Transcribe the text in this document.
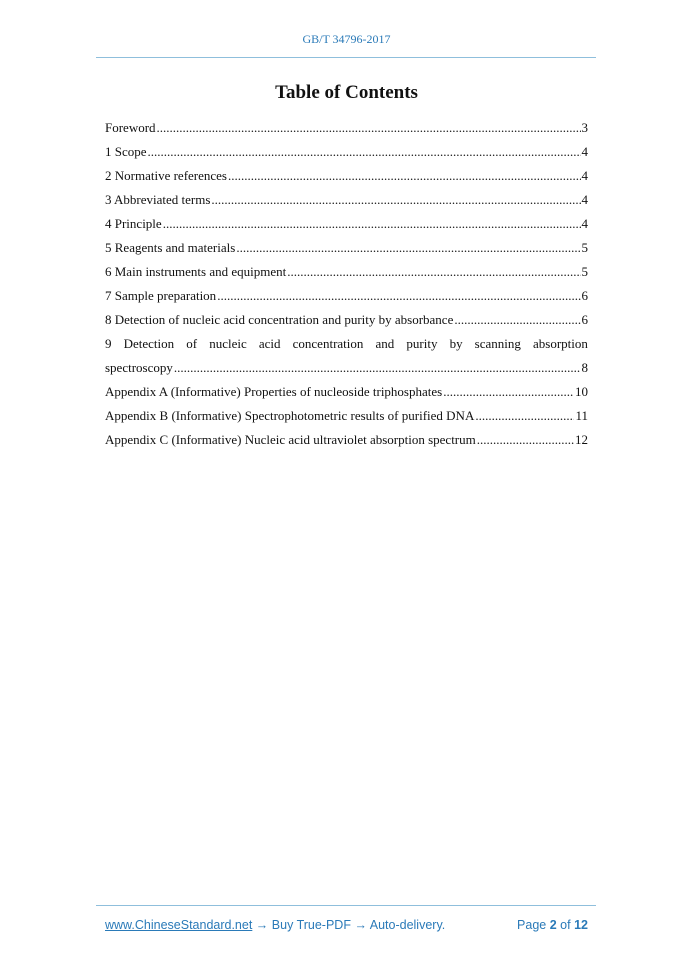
GB/T 34796-2017
Table of Contents
Foreword .....	3
1 Scope .....	4
2 Normative references .....	4
3 Abbreviated terms .....	4
4 Principle .....	4
5 Reagents and materials .....	5
6 Main instruments and equipment .....	5
7 Sample preparation .....	6
8 Detection of nucleic acid concentration and purity by absorbance .....	6
9 Detection of nucleic acid concentration and purity by scanning absorption
spectroscopy .....	8
Appendix A (Informative) Properties of nucleoside triphosphates .....	10
Appendix B (Informative) Spectrophotometric results of purified DNA .....	11
Appendix C (Informative) Nucleic acid ultraviolet absorption spectrum .....	12
www.ChineseStandard.net → Buy True-PDF → Auto-delivery.	Page 2 of 12
